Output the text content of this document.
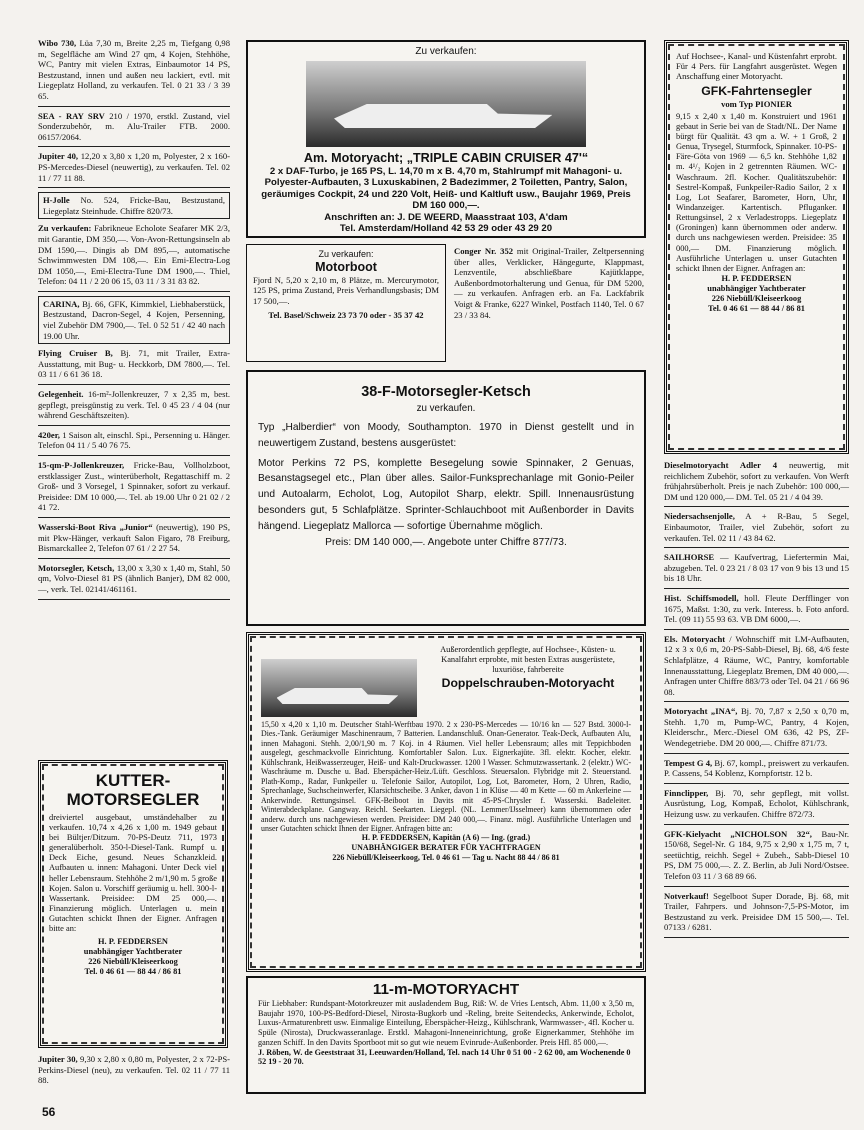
Wibo 730, Lüa 7,30 m, Breite 2,25 m, Tiefgang 0,98 m, Segelfläche am Wind 27 qm, 4 Kojen, Stehhöhe, WC, Pantry mit vielen Extras, Einbaumotor 14 PS, Bestzustand, innen und außen neu lackiert, evtl. mit Liegeplatz Holland, zu verkaufen. Tel. 0 21 33 / 3 39 65.
SEA - RAY SRV 210 / 1970, erstkl. Zustand, viel Sonderzubehör, m. Alu-Trailer FTB. 2000. 06157/2064.
Jupiter 40, 12,20 x 3,80 x 1,20 m, Polyester, 2 x 160-PS-Mercedes-Diesel (neuwertig), zu verkaufen. Tel. 02 11 / 77 11 88.
H-Jolle No. 524, Fricke-Bau, Bestzustand, Liegeplatz Steinhude. Chiffre 820/73.
Zu verkaufen: Fabrikneue Echolote Seafarer MK 2/3, mit Garantie, DM 350,—. Von-Avon-Rettungsinseln ab DM 1590,—. Dingis ab DM 895,—, automatische Schwimmwesten DM 108,—. Ein Emi-Electra-Log DM 1050,—, Emi-Electra-Tune DM 1900,—. Thiel, Telefon: 04 11 / 2 20 06 15, 03 11 / 3 31 83 82.
CARINA, Bj. 66, GFK, Kimmkiel, Liebhaberstück, Bestzustand, Dacron-Segel, 4 Kojen, Persenning, viel Zubehör DM 7900,—. Tel. 0 52 51 / 42 40 nach 19.00 Uhr.
Flying Cruiser B, Bj. 71, mit Trailer, Extra-Ausstattung, mit Bug- u. Heckkorb, DM 7800,—. Tel. 03 11 / 6 61 36 18.
Gelegenheit. 16-m²-Jollenkreuzer, 7 x 2,35 m, best. gepflegt, preisgünstig zu verk. Tel. 0 45 23 / 4 04 (nur während Geschäftszeiten).
420er, 1 Saison alt, einschl. Spi., Persenning u. Hänger. Telefon 04 11 / 5 40 76 75.
15-qm-P-Jollenkreuzer, Fricke-Bau, Vollholzboot, erstklassiger Zust., winterüberholt, Regattaschiff m. 2 Groß- und 3 Vorsegel, 1 Spinnaker, sofort zu verkauf. Preisidee: DM 10 000,—. Tel. ab 19.00 Uhr 0 21 02 / 2 41 72.
Wasserski-Boot Riva „Junior“ (neuwertig), 190 PS, mit Pkw-Hänger, verkauft Salon Figaro, 78 Freiburg, Bismarckallee 2, Telefon 07 61 / 2 27 54.
Motorsegler, Ketsch, 13,00 x 3,30 x 1,40 m, Stahl, 50 qm, Volvo-Diesel 81 PS (ähnlich Banjer), DM 82 000,—, verk. Tel. 02141/461161.
KUTTER-MOTORSEGLER
dreiviertel ausgebaut, umständehalber zu verkaufen. 10,74 x 4,26 x 1,00 m. 1949 gebaut bei Bültjer/Ditzum. 70-PS-Deutz 711, 1973 generalüberholt. 350-l-Diesel-Tank. Rumpf u. Deck Eiche, gesund. Neues Schanzkleid. Aufbauten u. innen: Mahagoni. Unter Deck viel heller Lebensraum. Stehhöhe 2 m/1,90 m. 5 große Kojen. Salon u. Vorschiff geräumig u. hell. 300-l-Wassertank. Preisidee: DM 25 000,—. Finanzierung möglich. Unterlagen u. mein Gutachten schickt Ihnen der Eigner. Anfragen bitte an:
H. P. FEDDERSEN
unabhängiger Yachtberater
226 Niebüll/Kleiseerkoog
Tel. 0 46 61 — 88 44 / 86 81
Jupiter 30, 9,30 x 2,80 x 0,80 m, Polyester, 2 x 72-PS-Perkins-Diesel (neu), zu verkaufen. Tel. 02 11 / 77 11 88.
56
Zu verkaufen:
Am. Motoryacht; „TRIPLE CABIN CRUISER 47'“
2 x DAF-Turbo, je 165 PS, L. 14,70 m x B. 4,70 m, Stahlrumpf mit Mahagoni- u. Polyester-Aufbauten, 3 Luxuskabinen, 2 Badezimmer, 2 Toiletten, Pantry, Salon, geräumiges Cockpit, 24 und 220 Volt, Heiß- und Kaltluft usw., Baujahr 1969, Preis DM 160 000,—.
Anschriften an: J. DE WEERD, Maasstraat 103, A'dam
Tel. Amsterdam/Holland 42 53 29 oder 43 29 20
Zu verkaufen:
Motorboot
Fjord N, 5,20 x 2,10 m, 8 Plätze, m. Mercurymotor, 125 PS, prima Zustand, Preis Verhandlungsbasis; DM 17 500,—.
Tel. Basel/Schweiz 23 73 70 oder - 35 37 42
Conger Nr. 352 mit Original-Trailer, Zeltpersenning über alles, Verklicker, Hängegurte, Klappmast, Lenzventile, abschließbare Kajütklappe, Außenbordmotorhalterung und Genua, für DM 5200,— zu verkaufen. Anfragen erb. an Fa. Lackfabrik Voigt & Franke, 6227 Winkel, Postfach 1140, Tel. 0 67 23 / 33 84.
38-F-Motorsegler-Ketsch
zu verkaufen.
Typ „Halberdier“ von Moody, Southampton. 1970 in Dienst gestellt und in neuwertigem Zustand, bestens ausgerüstet:
Motor Perkins 72 PS, komplette Besegelung sowie Spinnaker, 2 Genuas, Besanstagsegel etc., Plan über alles. Sailor-Funksprechanlage mit Gonio-Peiler und Autoalarm, Echolot, Log, Autopilot Sharp, elektr. Spill. Innenausrüstung besonders gut, 5 Schlafplätze. Sprinter-Schlauchboot mit Außenborder in Davits hängend. Liegeplatz Mallorca — sofortige Übernahme möglich.
Preis: DM 140 000,—. Angebote unter Chiffre 877/73.
Außerordentlich gepflegte, auf Hochsee-, Küsten- u. Kanalfahrt erprobte, mit besten Extras ausgerüstete, luxuriöse, fahrbereite
Doppelschrauben-Motoryacht
15,50 x 4,20 x 1,10 m. Deutscher Stahl-Werftbau 1970. 2 x 230-PS-Mercedes — 10/16 kn — 527 Bstd. 3000-l-Dies.-Tank. Geräumiger Maschinenraum, 7 Batterien. Landanschluß. Onan-Generator. Teak-Deck, Aufbauten Alu, innen Mahagoni. Stehh. 2,00/1,90 m. 7 Koj. in 4 Räumen. Viel heller Lebensraum; alles mit Teppichboden ausgelegt, geschmackvolle Einrichtung. Komfortabler Salon. Lux. Eignerkajüte. 3fl. elektr. Kocher, elektr. Kühlschrank, Heißwasserzeuger, Heiß- und Kalt-Druckwasser. 1200 l Wasser. Schmutzwassertank. 2 (elektr.) WC-Waschräume m. Dusche u. Bad. Eberspächer-Heiz./Lüft. Geschloss. Steuersalon. Flybridge mit 2. Steuerstand. Plath-Komp., Radar, Funkpeiler u. Telefonie Sailor, Autopilot, Log, Lot, Barometer, Horn, 2 Uhren, Radio, Sprechanlage, Suchscheinwerfer, Klarsichtscheibe. 3 Anker, davon 1 in Klüse — 40 m Kette — 60 m Ankerleine — Ankerwinde. Rettungsinsel. GFK-Beiboot in Davits mit 45-PS-Chrysler f. Wasserski. Badeleiter. Winterabdeckplane. Gangway. Reichl. Seekarten. Liegepl. (NL. Lemmer/IJsselmeer) kann übernommen oder anderw. durch uns nachgewiesen werden. Preisidee: DM 240 000,—. Finanz. mögl. Ausführliche Unterlagen und unser Gutachten schickt Ihnen der Eigner. Anfragen bitte an:
H. P. FEDDERSEN, Kapitän (A 6) — Ing. (grad.)
UNABHÄNGIGER BERATER FÜR YACHTFRAGEN
226 Niebüll/Kleiseerkoog, Tel. 0 46 61 — Tag u. Nacht 88 44 / 86 81
11-m-MOTORYACHT
Für Liebhaber: Rundspant-Motorkreuzer mit ausladendem Bug, Riß: W. de Vries Lentsch, Abm. 11,00 x 3,50 m, Baujahr 1970, 100-PS-Bedford-Diesel, Nirosta-Bugkorb und -Reling, breite Seitendecks, Ankerwinde, Echolot, Luxus-Armaturenbrett usw. Einmalige Einteilung, Eberspächer-Heizg., Kühlschrank, Warmwasser-, 4fl. Kocher u. Spüle (Nirosta), Druckwasseranlage. Erstkl. Mahagoni-Inneneinrichtung, große Eignerkammer, Stehhöhe im ganzen Schiff. In den Davits Sportboot mit so gut wie neuem Evinrude-Außenborder. Preis Hfl. 85 000,—.
J. Röben, W. de Geeststraat 31, Leeuwarden/Holland, Tel. nach 14 Uhr 0 51 00 - 2 62 00, am Wochenende 0 52 19 - 20 70.
Auf Hochsee-, Kanal- und Küstenfahrt erprobt. Für 4 Pers. für Langfahrt ausgerüstet. Wegen Anschaffung einer Motoryacht.
GFK-Fahrtensegler
vom Typ PIONIER
9,15 x 2,40 x 1,40 m. Konstruiert und 1961 gebaut in Serie bei van de Stadt/NL. Der Name bürgt für Qualität. 43 qm a. W. + 1 Groß, 2 Genua, Trysegel, Sturmfock, Spinnaker. 10-PS-Färe-Göta von 1969 — 6,5 kn. Stehhöhe 1,82 m. 4¹/₂ Kojen in 2 getrennten Räumen. WC-Waschraum. 2fl. Kocher. Qualitätszubehör: Sestrel-Kompaß, Funkpeiler-Radio Sailor, 2 x Log, Lot Seafarer, Barometer, Horn, Uhr, Windanzeiger. Kartentisch. Pfluganker. Rettungsinsel, 2 x Verladestropps. Liegeplatz (Groningen) kann übernommen oder anderw. durch uns nachgewiesen werden. Preisidee: 35 000,— DM. Finanzierung möglich. Ausführliche Unterlagen u. unser Gutachten schickt Ihnen der Eigner. Anfragen an:
H. P. FEDDERSEN
unabhängiger Yachtberater
226 Niebüll/Kleiseerkoog
Tel. 0 46 61 — 88 44 / 86 81
Dieselmotoryacht Adler 4 neuwertig, mit reichlichem Zubehör, sofort zu verkaufen. Von Werft frühjahrsüberholt. Preis je nach Zubehör: 100 000,— DM und 120 000,— DM. Tel. 05 21 / 4 04 39.
Niedersachsenjolle, A + R-Bau, 5 Segel, Einbaumotor, Trailer, viel Zubehör, sofort zu verkaufen. Tel. 02 11 / 43 84 62.
SAILHORSE — Kaufvertrag, Liefertermin Mai, abzugeben. Tel. 0 23 21 / 8 03 17 von 9 bis 13 und 15 bis 18 Uhr.
Hist. Schiffsmodell, holl. Fleute Derfflinger von 1675, Maßst. 1:30, zu verk. Interess. b. Foto anford. Tel. (09 11) 55 93 63. VB DM 6000,—.
Els. Motoryacht / Wohnschiff mit LM-Aufbauten, 12 x 3 x 0,6 m, 20-PS-Sabb-Diesel, Bj. 68, 4/6 feste Schlafplätze, 4 Räume, WC, Pantry, komfortable Innenausstattung, Liegeplatz Bremen, DM 40 000,—. Anfragen unter Chiffre 883/73 oder Tel. 04 21 / 66 96 08.
Motoryacht „INA“, Bj. 70, 7,87 x 2,50 x 0,70 m, Stehh. 1,70 m, Pump-WC, Pantry, 4 Kojen, Kleiderschr., Merc.-Diesel OM 636, 42 PS, ZF-Wendegetriebe. DM 20 000,—. Chiffre 871/73.
Tempest G 4, Bj. 67, kompl., preiswert zu verkaufen. P. Cassens, 54 Koblenz, Kornpfortstr. 12 b.
Finnclipper, Bj. 70, sehr gepflegt, mit vollst. Ausrüstung, Log, Kompaß, Echolot, Kühlschrank, Heizung usw. zu verkaufen. Chiffre 872/73.
GFK-Kielyacht „NICHOLSON 32“, Bau-Nr. 150/68, Segel-Nr. G 184, 9,75 x 2,90 x 1,75 m, 7 t, seetüchtig, reichh. Segel + Zubeh., Sabb-Diesel 10 PS, DM 75 000,—. Z. Z. Berlin, ab Juli Nord/Ostsee. Telefon 03 11 / 3 68 89 66.
Notverkauf! Segelboot Super Dorade, Bj. 68, mit Trailer, Fahrpers. und Johnson-7,5-PS-Motor, im Bestzustand zu verk. Preisidee DM 15 500,—. Tel. 07133 / 6281.
